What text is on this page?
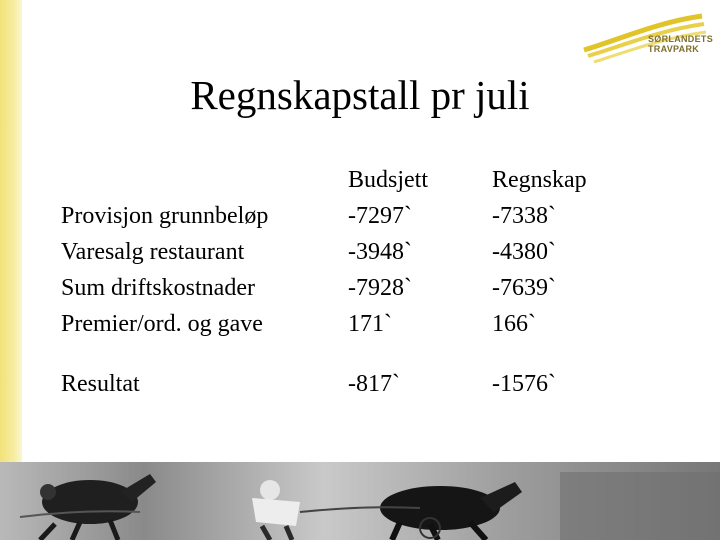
SØRLANDETS
TRAVPARK
Regnskapstall pr juli
Provisjon grunnbeløp
Varesalg restaurant
Sum driftskostnader
Premier/ord. og gave
Budsjett
-7297`
-3948`
-7928`
171`
Regnskap
-7338`
-4380`
-7639`
166`
Resultat	-817`	-1576`
